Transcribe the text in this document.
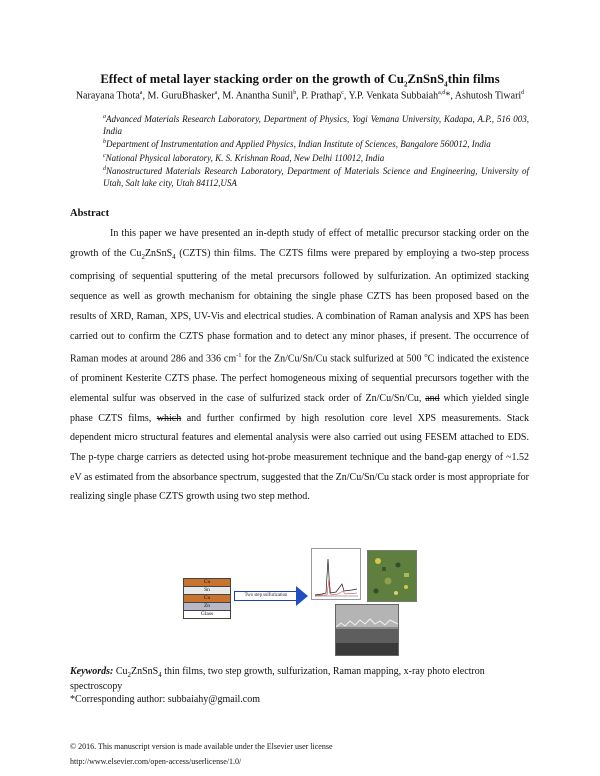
Effect of metal layer stacking order on the growth of $Cu_2ZnSnS_4thin$ films
Narayana Thota$^a$, M. GuruBhasker$^a$, M. Anantha Sunil$^b$, P. Prathap$^c$, Y.P. Venkata Subbaiah$^{a,d}$*, Ashutosh Tiwari$^d$
$^a$Advanced Materials Research Laboratory, Department of Physics, Yogi Vemana University, Kadapa, A.P., 516 003, India
$^b$Department of Instrumentation and Applied Physics, Indian Institute of Sciences, Bangalore 560012, India
$^c$National Physical laboratory, K. S. Krishnan Road, New Delhi 110012, India
$^d$Nanostructured Materials Research Laboratory, Department of Materials Science and Engineering, University of Utah, Salt lake city, Utah 84112,USA
Abstract
In this paper we have presented an in-depth study of effect of metallic precursor stacking order on the growth of the $Cu_2ZnSnS_4$ (CZTS) thin films. The CZTS films were prepared by employing a two-step process comprising of sequential sputtering of the metal precursors followed by sulfurization. An optimized stacking sequence as well as growth mechanism for obtaining the single phase CZTS has been proposed based on the results of XRD, Raman, XPS, UV-Vis and electrical studies. A combination of Raman analysis and XPS has been carried out to confirm the CZTS phase formation and to detect any minor phases, if present. The occurrence of Raman modes at around 286 and 336 $cm^{-1}$ for the Zn/Cu/Sn/Cu stack sulfurized at 500 $^o$C indicated the existence of prominent Kesterite CZTS phase. The perfect homogeneous mixing of sequential precursors together with the elemental sulfur was observed in the case of sulfurized stack order of Zn/Cu/Sn/Cu, and which yielded single phase CZTS films, which and further confirmed by high resolution core level XPS measurements. Stack dependent micro structural features and elemental analysis were also carried out using FESEM attached to EDS. The p-type charge carriers as detected using hot-probe measurement technique and the band-gap energy of ~1.52 eV as estimated from the absorbance spectrum, suggested that the Zn/Cu/Sn/Cu stack order is most appropriate for realizing single phase CZTS growth using two step method.
Cu
Sn
Cu
Zn
Glass
Two step sulfurization
Keywords: $Cu_2ZnSnS_4$ thin films, two step growth, sulfurization, Raman mapping, x-ray photo electron spectroscopy
*Corresponding author: subbaiahy@gmail.com
© 2016. This manuscript version is made available under the Elsevier user license
http://www.elsevier.com/open-access/userlicense/1.0/
